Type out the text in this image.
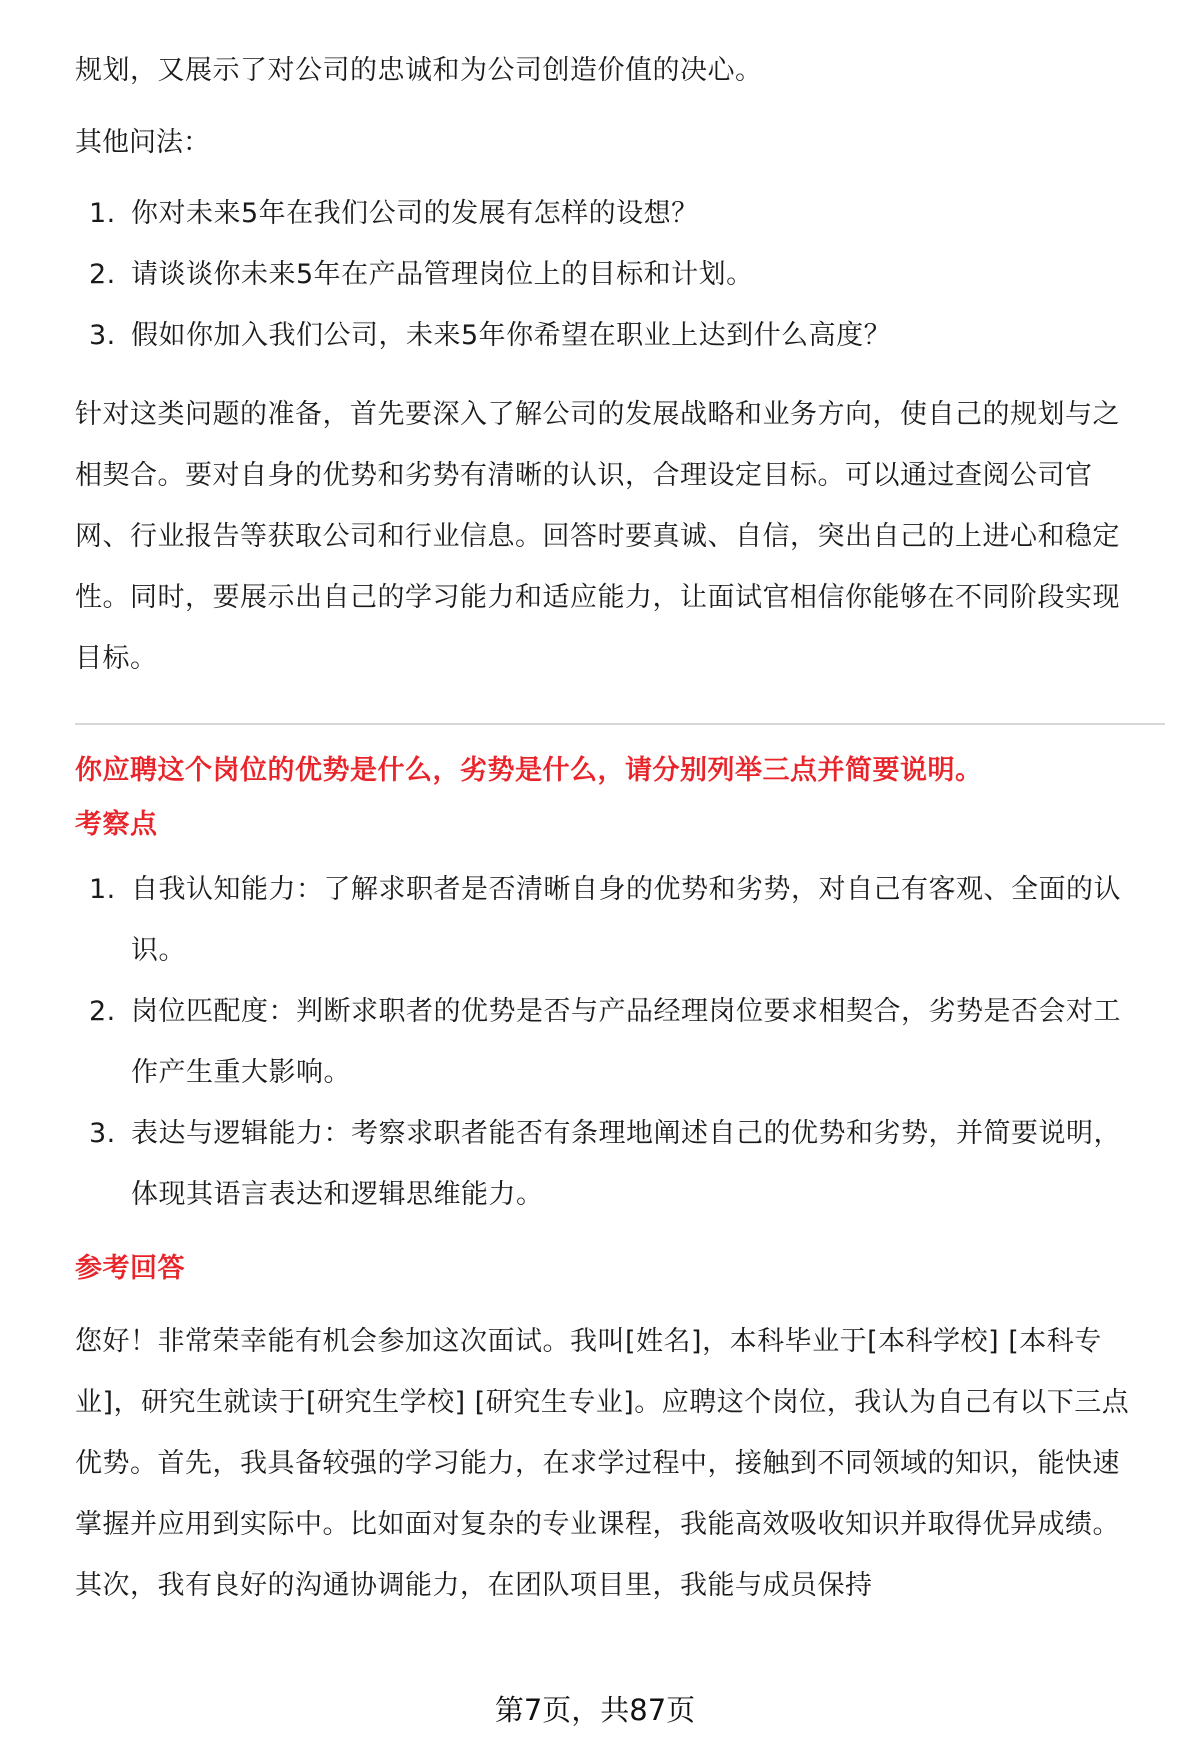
规划，又展示了对公司的忠诚和为公司创造价值的决心。

其他问法：

1. 你对未来5年在我们公司的发展有怎样的设想？
2. 请谈谈你未来5年在产品管理岗位上的目标和计划。
3. 假如你加入我们公司，未来5年你希望在职业上达到什么高度？

针对这类问题的准备，首先要深入了解公司的发展战略和业务方向，使自己的规划与之相契合。要对自身的优势和劣势有清晰的认识，合理设定目标。可以通过查阅公司官网、行业报告等获取公司和行业信息。回答时要真诚、自信，突出自己的上进心和稳定性。同时，要展示出自己的学习能力和适应能力，让面试官相信你能够在不同阶段实现目标。

你应聘这个岗位的优势是什么，劣势是什么，请分别列举三点并简要说明。

考察点

1. 自我认知能力：了解求职者是否清晰自身的优势和劣势，对自己有客观、全面的认识。
2. 岗位匹配度：判断求职者的优势是否与产品经理岗位要求相契合，劣势是否会对工作产生重大影响。
3. 表达与逻辑能力：考察求职者能否有条理地阐述自己的优势和劣势，并简要说明，体现其语言表达和逻辑思维能力。

参考回答

您好！非常荣幸能有机会参加这次面试。我叫[姓名]，本科毕业于[本科学校] [本科专业]，研究生就读于[研究生学校] [研究生专业]。应聘这个岗位，我认为自己有以下三点优势。首先，我具备较强的学习能力，在求学过程中，接触到不同领域的知识，能快速掌握并应用到实际中。比如面对复杂的专业课程，我能高效吸收知识并取得优异成绩。其次，我有良好的沟通协调能力，在团队项目里，我能与成员保持

第7页，共87页
